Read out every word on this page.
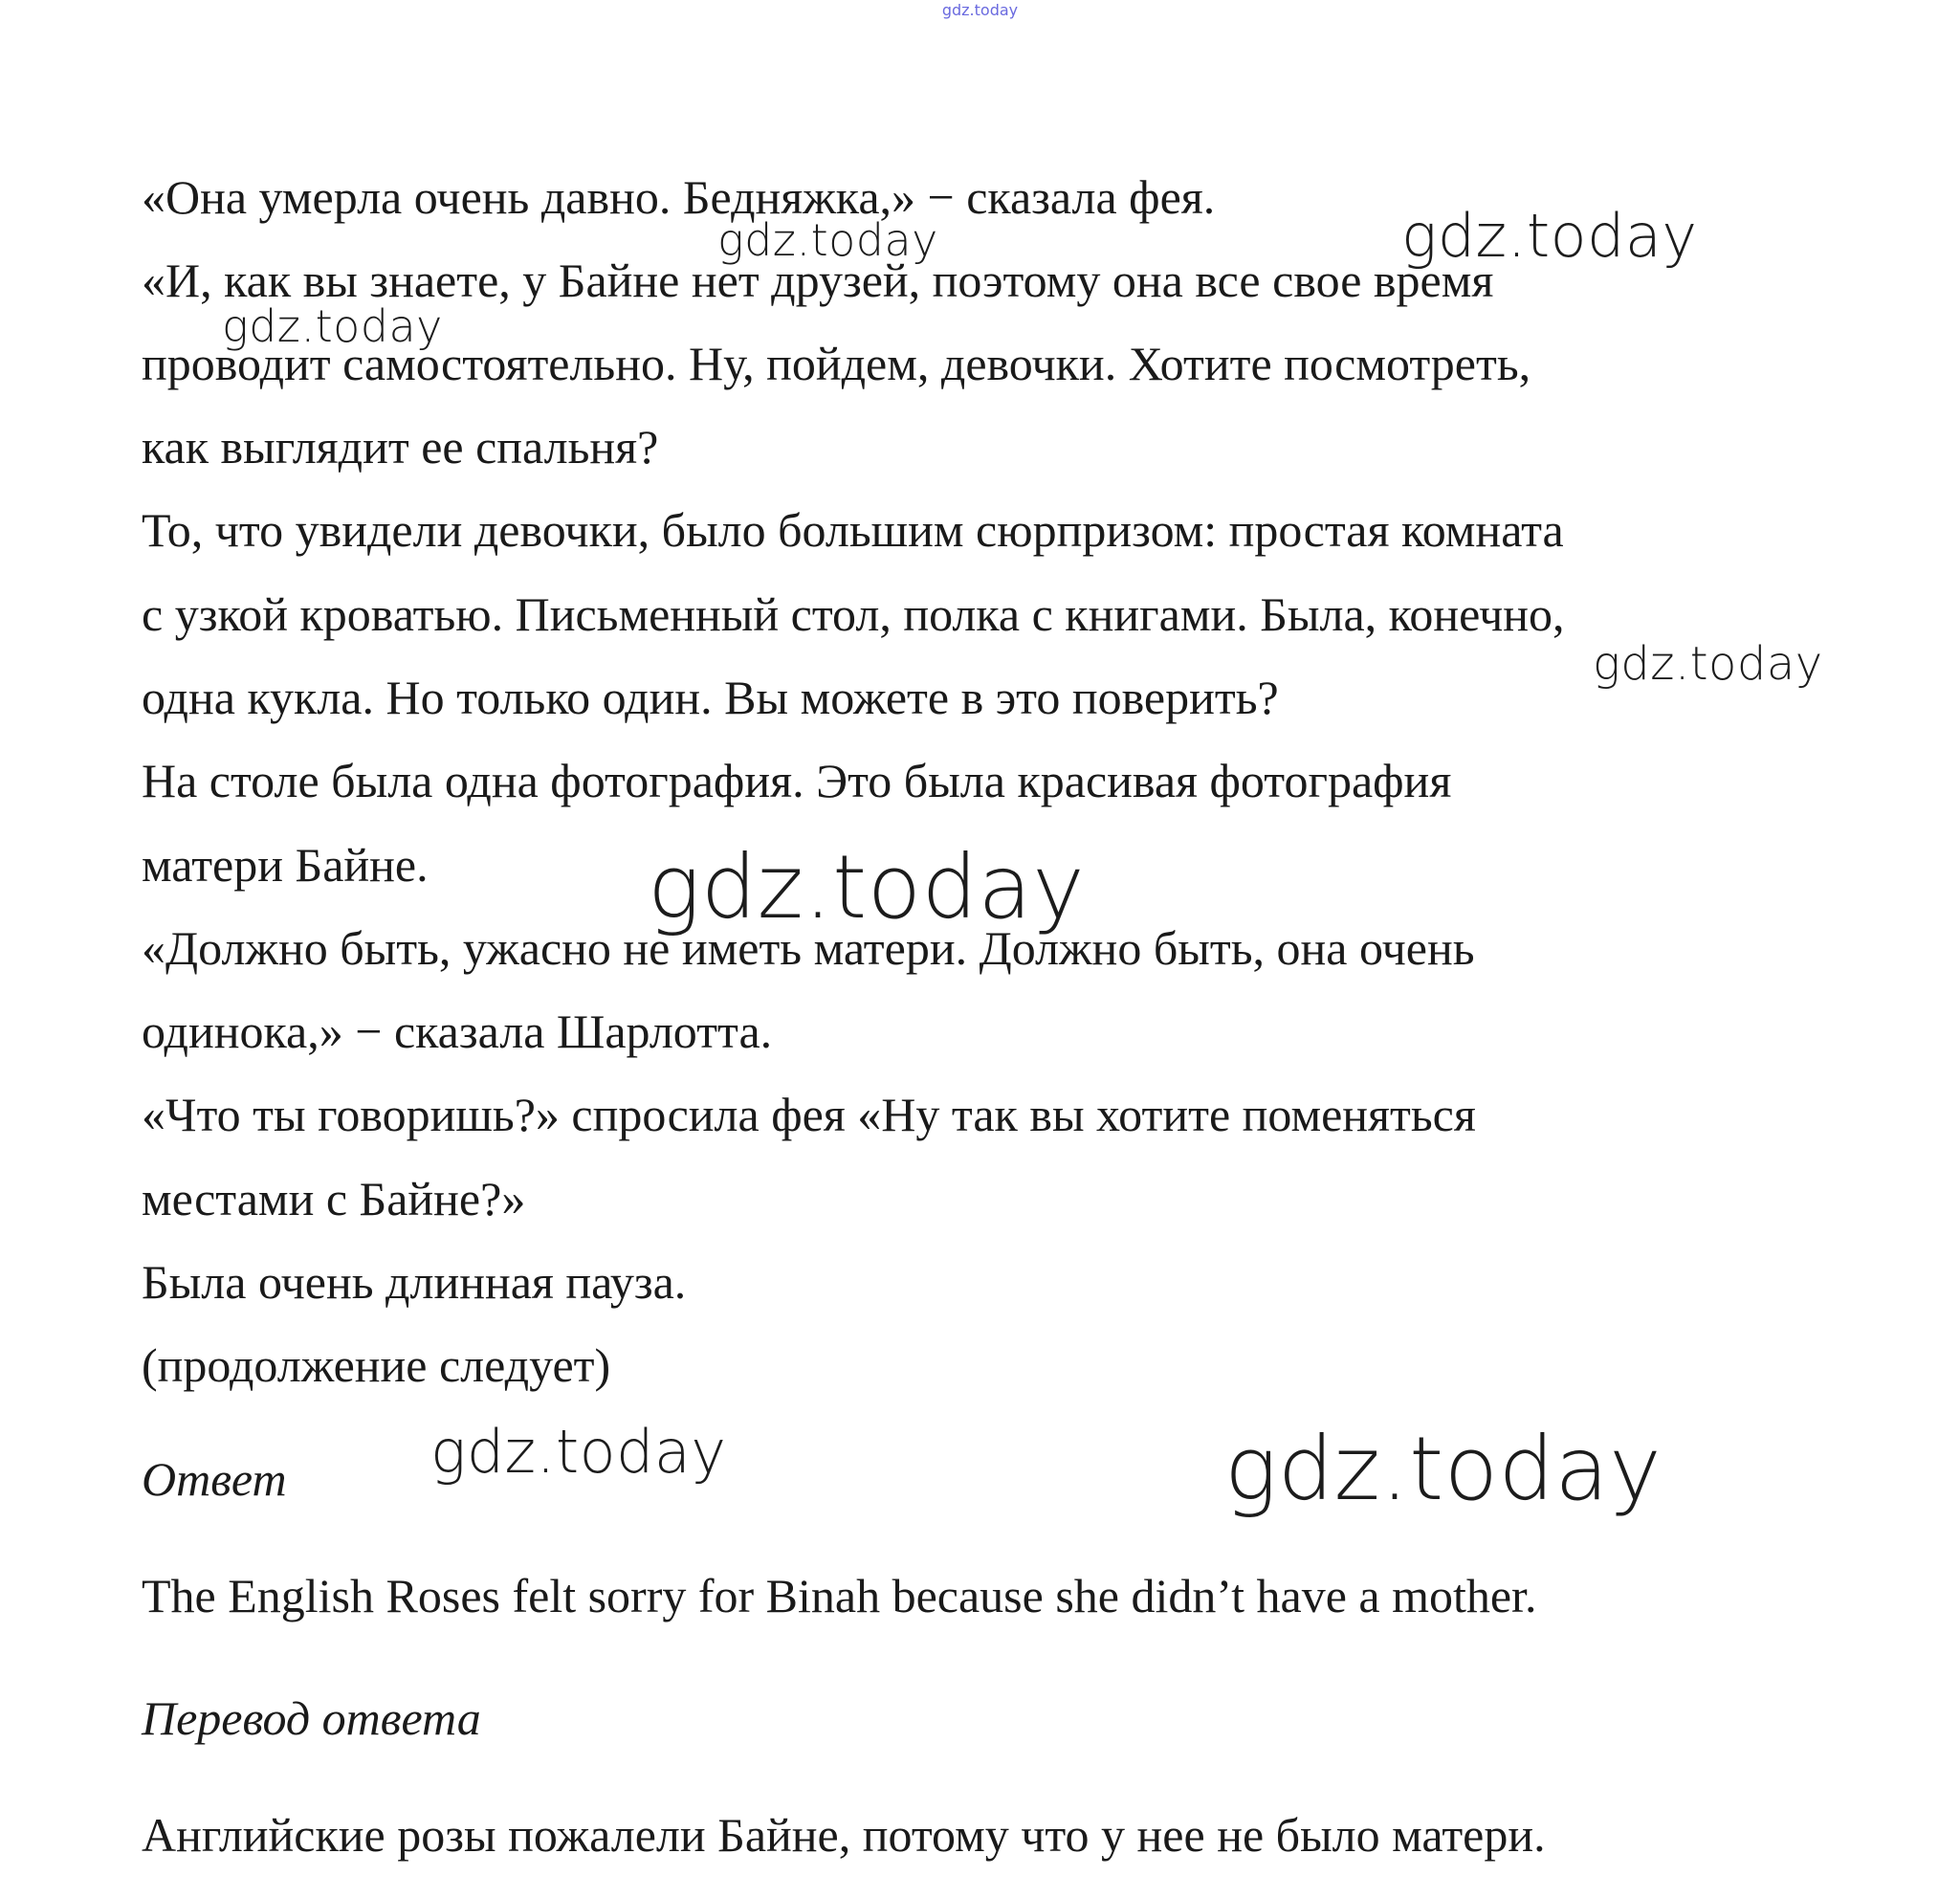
gdz.today
«Она умерла очень давно. Бедняжка,» − сказала фея.
«И, как вы знаете, у Байне нет друзей, поэтому она все свое время
проводит самостоятельно. Ну, пойдем, девочки. Хотите посмотреть,
как выглядит ее спальня?
То, что увидели девочки, было большим сюрпризом: простая комната
с узкой кроватью. Письменный стол, полка с книгами. Была, конечно,
одна кукла. Но только один. Вы можете в это поверить?
На столе была одна фотография. Это была красивая фотография
матери Байне.
«Должно быть, ужасно не иметь матери. Должно быть, она очень
одинока,» − сказала Шарлотта.
«Что ты говоришь?» спросила фея «Ну так вы хотите поменяться
местами с Байне?»
Была очень длинная пауза.
(продолжение следует)
Ответ
The English Roses felt sorry for Binah because she didn’t have a mother.
Перевод ответа
Английские розы пожалели Байне, потому что у нее не было матери.
gdz.today	gdz.today
gdz.today
gdz.today
gdz.today
gdz.today	gdz.today
